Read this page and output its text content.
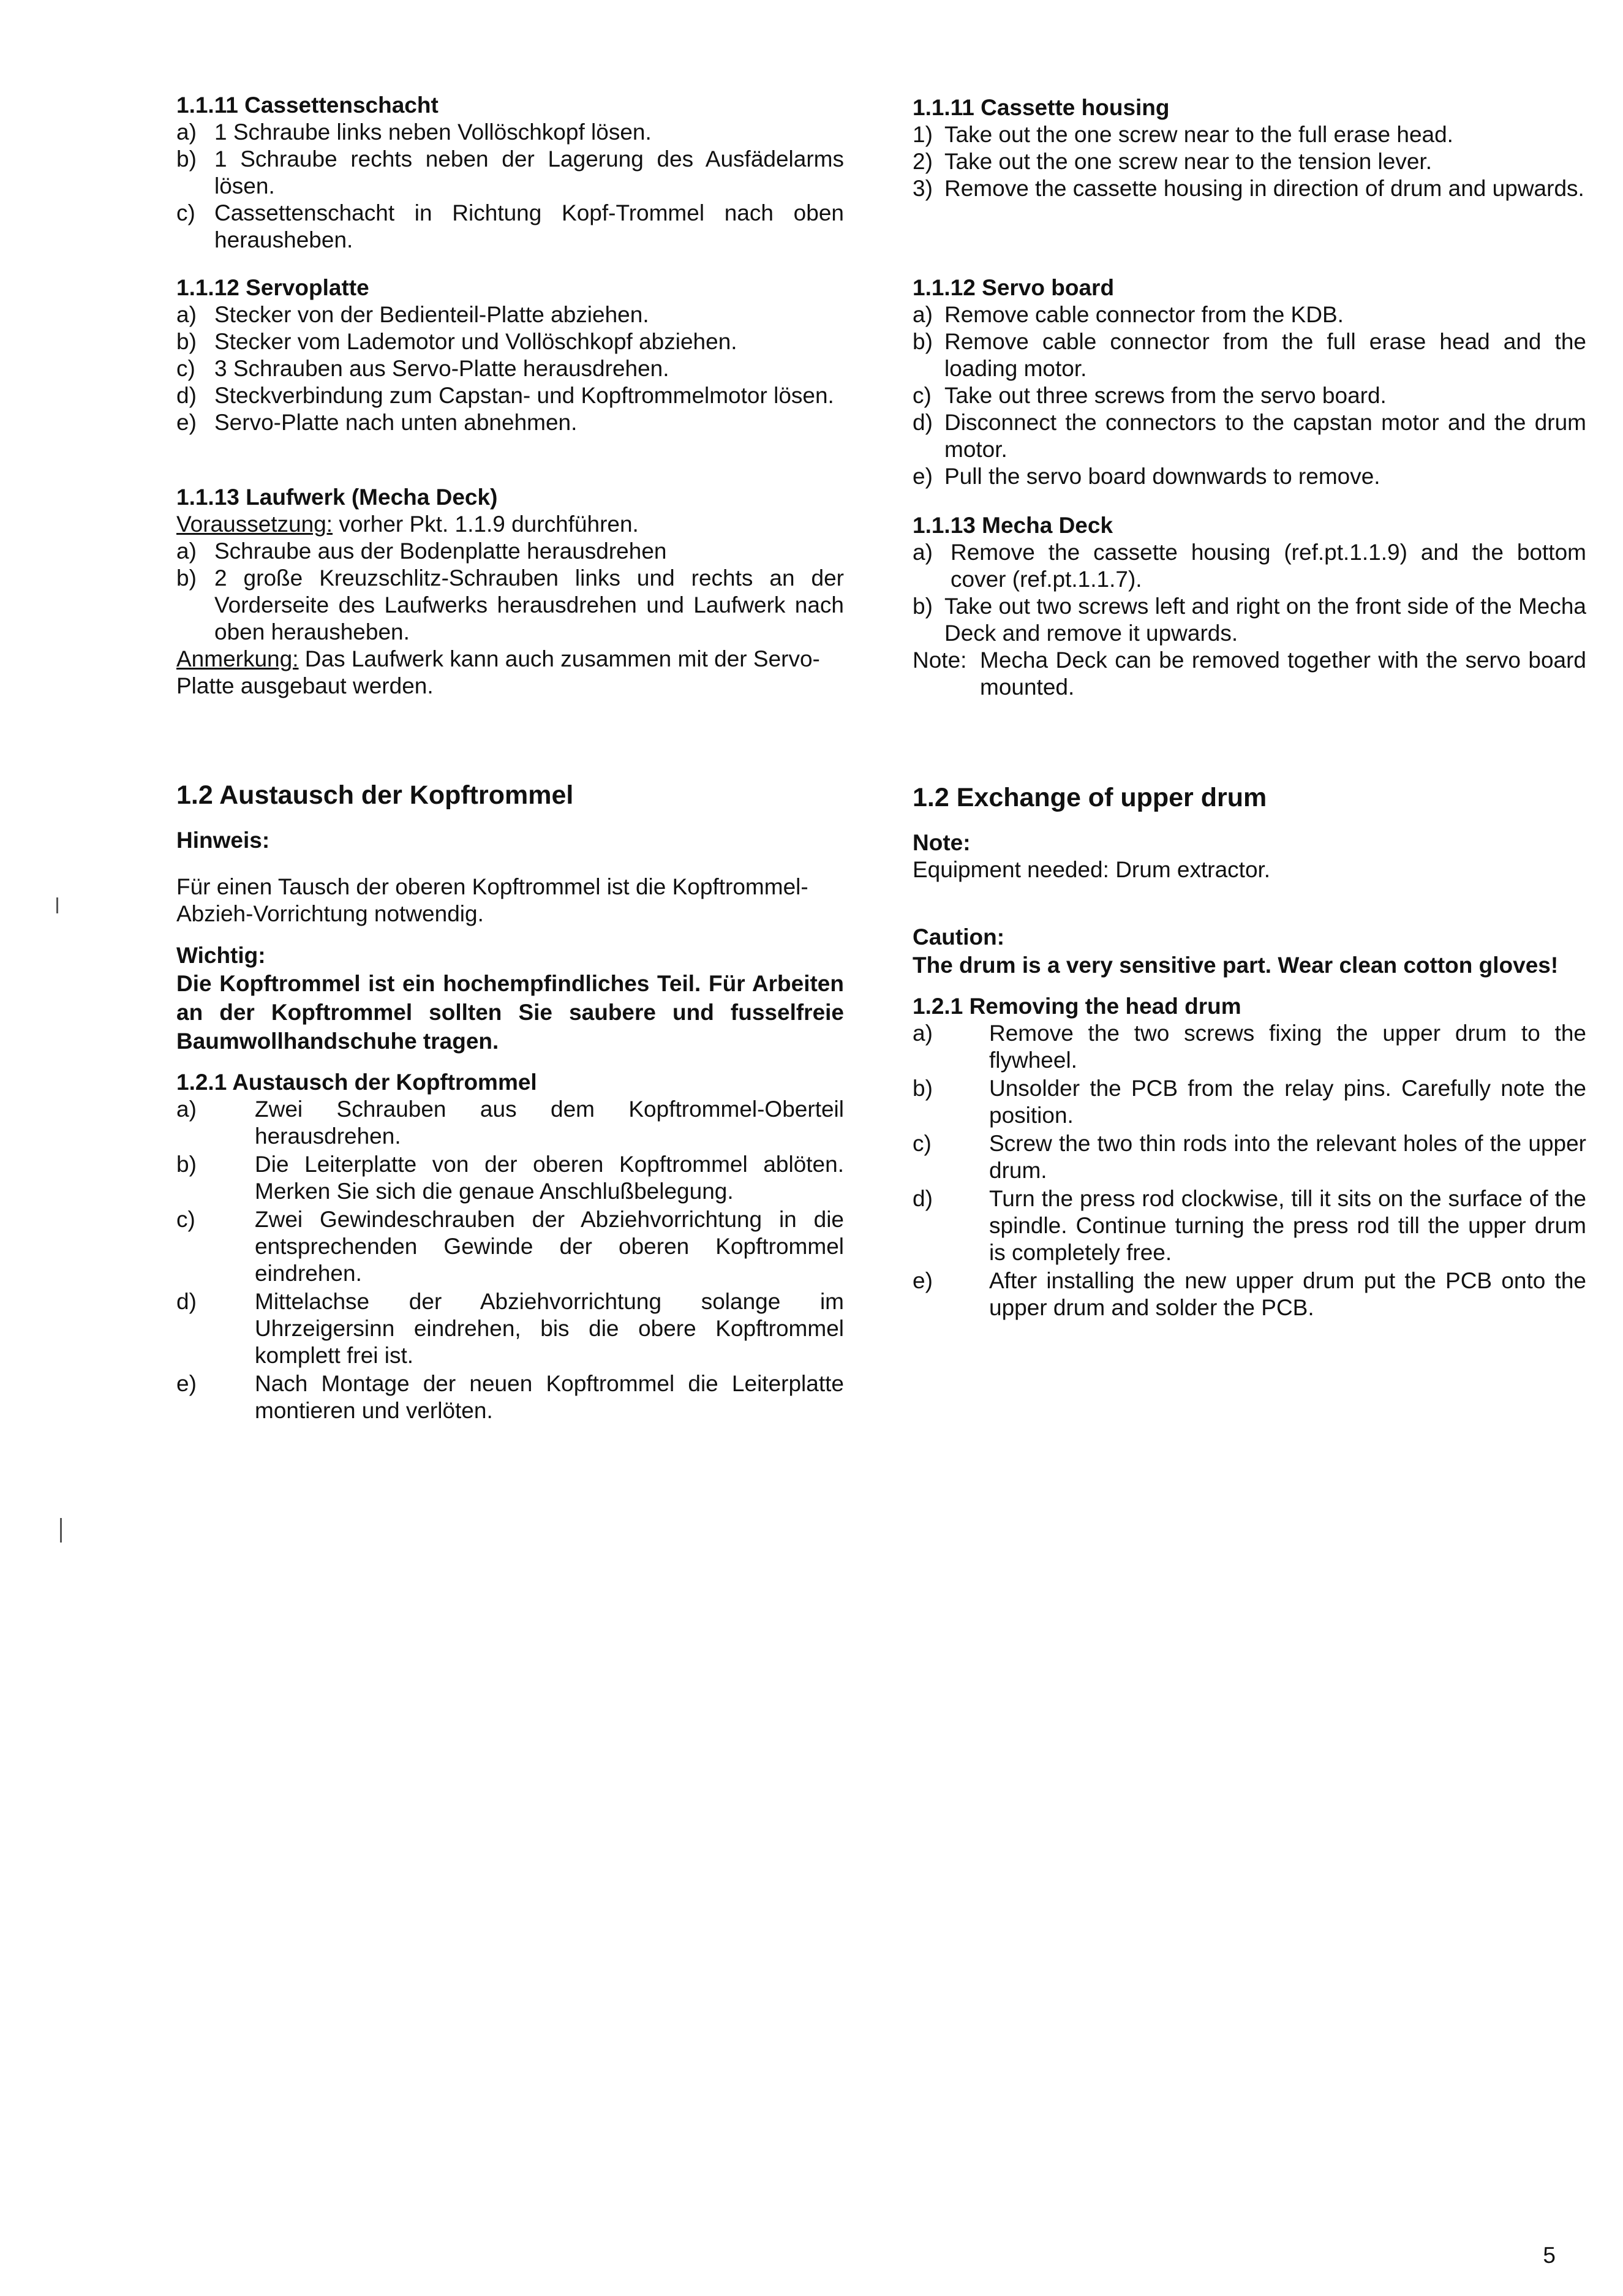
1.1.11 Cassettenschacht

a) 1 Schraube links neben Vollöschkopf lösen.
b) 1 Schraube rechts neben der Lagerung des Ausfädelarms lösen.
c) Cassettenschacht in Richtung Kopf-Trommel nach oben herausheben.

1.1.12 Servoplatte

a) Stecker von der Bedienteil-Platte abziehen.
b) Stecker vom Lademotor und Vollöschkopf abziehen.
c) 3 Schrauben aus Servo-Platte herausdrehen.
d) Steckverbindung zum Capstan- und Kopftrommelmotor lösen.
e) Servo-Platte nach unten abnehmen.

1.1.13 Laufwerk (Mecha Deck)

Voraussetzung: vorher Pkt. 1.1.9 durchführen.

a) Schraube aus der Bodenplatte herausdrehen
b) 2 große Kreuzschlitz-Schrauben links und rechts an der Vorderseite des Laufwerks herausdrehen und Laufwerk nach oben herausheben.

Anmerkung: Das Laufwerk kann auch zusammen mit der Servo-Platte ausgebaut werden.

1.2 Austausch der Kopftrommel

Hinweis:

Für einen Tausch der oberen Kopftrommel ist die Kopftrommel-Abzieh-Vorrichtung notwendig.

Wichtig:

Die Kopftrommel ist ein hochempfindliches Teil. Für Arbeiten an der Kopftrommel sollten Sie saubere und fusselfreie Baumwollhandschuhe tragen.

1.2.1 Austausch der Kopftrommel

a)	Zwei Schrauben aus dem Kopftrommel-Oberteil herausdrehen.
b)	Die Leiterplatte von der oberen Kopftrommel ablöten. Merken Sie sich die genaue Anschlußbelegung.
c)	Zwei Gewindeschrauben der Abziehvorrichtung in die entsprechenden Gewinde der oberen Kopftrommel eindrehen.
d)	Mittelachse der Abziehvorrichtung solange im Uhrzeigersinn eindrehen, bis die obere Kopftrommel komplett frei ist.
e)	Nach Montage der neuen Kopftrommel die Leiterplatte montieren und verlöten.

1.1.11 Cassette housing

1) Take out the one screw near to the full erase head.
2) Take out the one screw near to the tension lever.
3) Remove the cassette housing in direction of drum and upwards.

1.1.12 Servo board

a) Remove cable connector from the KDB.
b) Remove cable connector from the full erase head and the loading motor.
c) Take out three screws from the servo board.
d) Disconnect the connectors to the capstan motor and the drum motor.
e) Pull the servo board downwards to remove.

1.1.13 Mecha Deck

a) Remove the cassette housing (ref.pt.1.1.9) and the bottom cover (ref.pt.1.1.7).
b) Take out two screws left and right on the front side of the Mecha Deck and remove it upwards.
Note: Mecha Deck can be removed together with the servo board mounted.

1.2 Exchange of upper drum

Note:

Equipment needed: Drum extractor.

Caution:

The drum is a very sensitive part. Wear clean cotton gloves!

1.2.1 Removing the head drum

a)	Remove the two screws fixing the upper drum to the flywheel.
b)	Unsolder the PCB from the relay pins. Carefully note the position.
c)	Screw the two thin rods into the relevant holes of the upper drum.
d)	Turn the press rod clockwise, till it sits on the surface of the spindle. Continue turning the press rod till the upper drum is completely free.
e)	After installing the new upper drum put the PCB onto the upper drum and solder the PCB.
5
